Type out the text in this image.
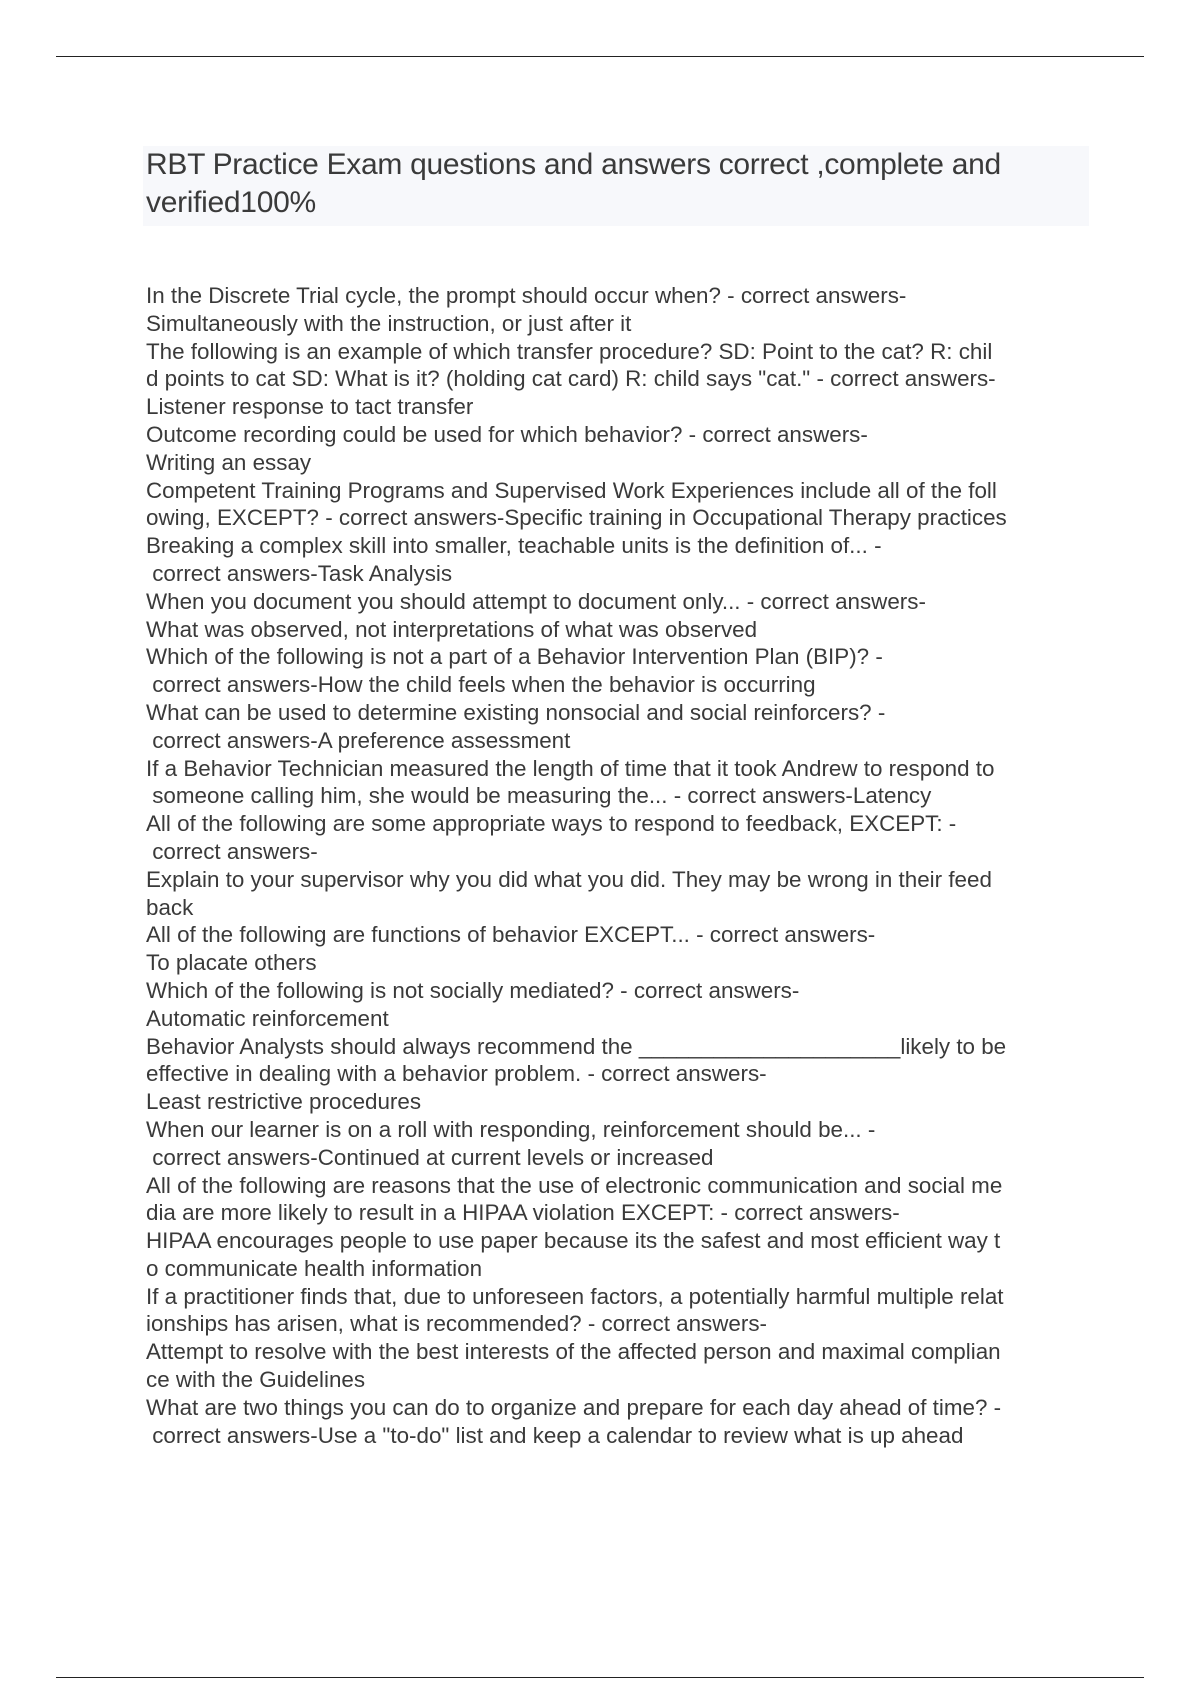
RBT Practice Exam questions and answers correct ,complete and
verified100%
In the Discrete Trial cycle, the prompt should occur when? - correct answers-
Simultaneously with the instruction, or just after it
The following is an example of which transfer procedure? SD: Point to the cat? R: chil
d points to cat SD: What is it? (holding cat card) R: child says "cat." - correct answers-
Listener response to tact transfer
Outcome recording could be used for which behavior? - correct answers-
Writing an essay
Competent Training Programs and Supervised Work Experiences include all of the foll
owing, EXCEPT? - correct answers-Specific training in Occupational Therapy practices
Breaking a complex skill into smaller, teachable units is the definition of... -
correct answers-Task Analysis
When you document you should attempt to document only... - correct answers-
What was observed, not interpretations of what was observed
Which of the following is not a part of a Behavior Intervention Plan (BIP)? -
correct answers-How the child feels when the behavior is occurring
What can be used to determine existing nonsocial and social reinforcers? -
correct answers-A preference assessment
If a Behavior Technician measured the length of time that it took Andrew to respond to
someone calling him, she would be measuring the... - correct answers-Latency
All of the following are some appropriate ways to respond to feedback, EXCEPT: -
correct answers-
Explain to your supervisor why you did what you did. They may be wrong in their feed
back
All of the following are functions of behavior EXCEPT... - correct answers-
To placate others
Which of the following is not socially mediated? - correct answers-
Automatic reinforcement
Behavior Analysts should always recommend the _____________________likely to be
effective in dealing with a behavior problem. - correct answers-
Least restrictive procedures
When our learner is on a roll with responding, reinforcement should be... -
correct answers-Continued at current levels or increased
All of the following are reasons that the use of electronic communication and social me
dia are more likely to result in a HIPAA violation EXCEPT: - correct answers-
HIPAA encourages people to use paper because its the safest and most efficient way t
o communicate health information
If a practitioner finds that, due to unforeseen factors, a potentially harmful multiple relat
ionships has arisen, what is recommended? - correct answers-
Attempt to resolve with the best interests of the affected person and maximal complian
ce with the Guidelines
What are two things you can do to organize and prepare for each day ahead of time? -
correct answers-Use a "to-do" list and keep a calendar to review what is up ahead
